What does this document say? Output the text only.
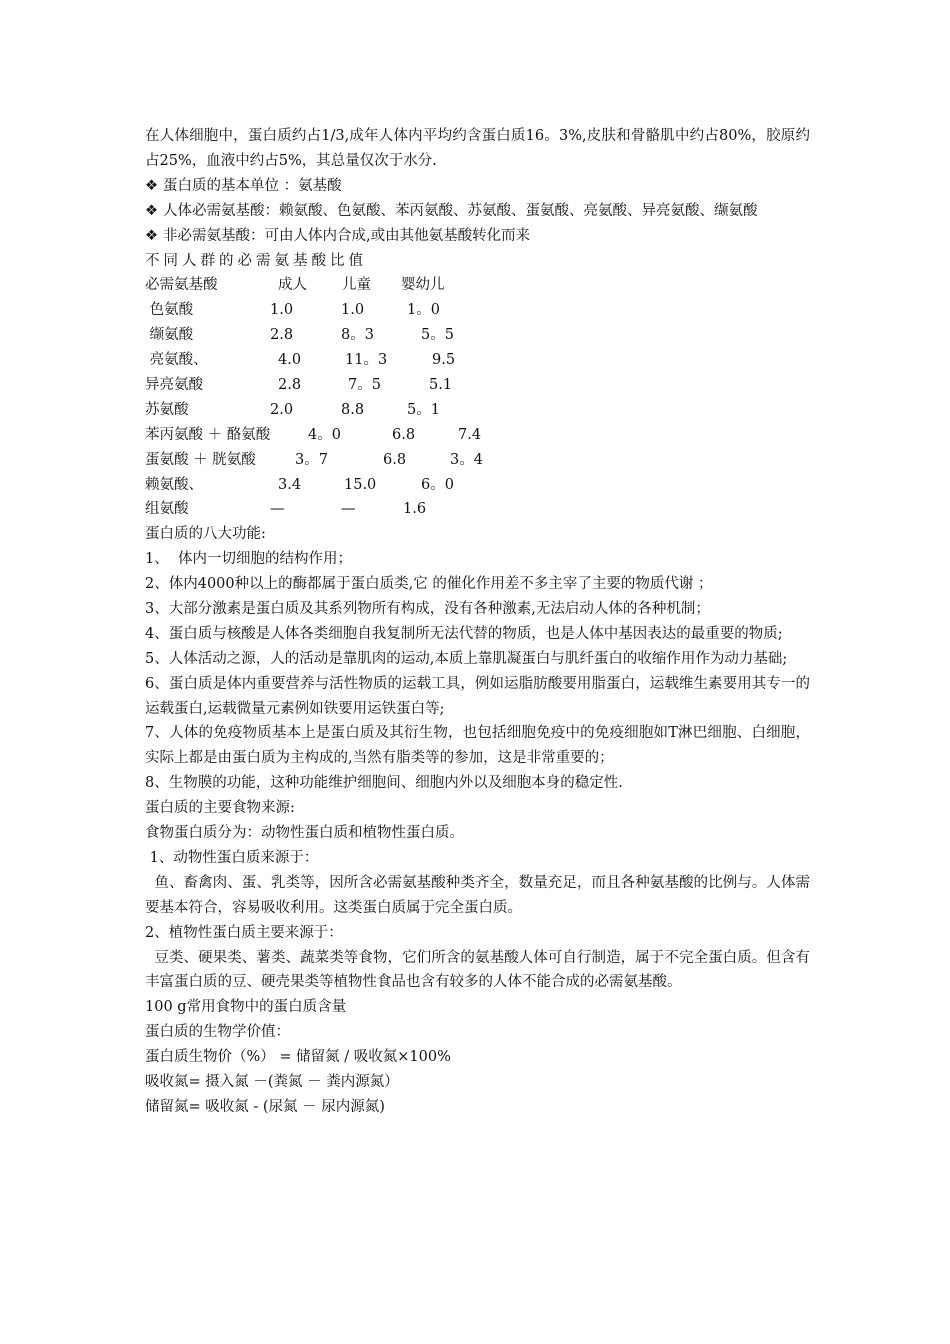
在人体细胞中，蛋白质约占1/3,成年人体内平均约含蛋白质16。3%,皮肤和骨骼肌中约占80%，胶原约占25%，血液中约占5%，其总量仅次于水分.
❖ 蛋白质的基本单位 ：氨基酸
❖ 人体必需氨基酸：赖氨酸、色氨酸、苯丙氨酸、苏氨酸、蛋氨酸、亮氨酸、异亮氨酸、缬氨酸
❖ 非必需氨基酸：可由人体内合成,或由其他氨基酸转化而来
不同人群的必需氨基酸比值
必需氨基酸	成人 儿童 婴幼儿
色氨酸	1.0	1.0	1。0
缬氨酸	2.8	8。3	5。5
亮氨酸、	4.0	11。3	9.5
异亮氨酸	2.8	7。5	5.1
苏氨酸	2.0	8.8	5。1
苯丙氨酸 ＋ 酪氨酸	4。0	6.8	7.4
蛋氨酸 ＋ 胱氨酸	3。7	6.8	3。4
赖氨酸、	3.4	15.0	6。0
组氨酸	—	—	1.6
蛋白质的八大功能:
1、  体内一切细胞的结构作用；
2、体内4000种以上的酶都属于蛋白质类,它 的催化作用差不多主宰了主要的物质代谢 ；
3、大部分激素是蛋白质及其系列物所有构成，没有各种激素,无法启动人体的各种机制；
4、蛋白质与核酸是人体各类细胞自我复制所无法代替的物质，也是人体中基因表达的最重要的物质;
5、人体活动之源，人的活动是靠肌肉的运动,本质上靠肌凝蛋白与肌纤蛋白的收缩作用作为动力基础;
6、蛋白质是体内重要营养与活性物质的运载工具，例如运脂肪酸要用脂蛋白，运载维生素要用其专一的运载蛋白,运载微量元素例如铁要用运铁蛋白等;
7、人体的免疫物质基本上是蛋白质及其衍生物，也包括细胞免疫中的免疫细胞如T淋巴细胞、白细胞，实际上都是由蛋白质为主构成的,当然有脂类等的参加，这是非常重要的；
8、生物膜的功能，这种功能维护细胞间、细胞内外以及细胞本身的稳定性.
蛋白质的主要食物来源:
食物蛋白质分为：动物性蛋白质和植物性蛋白质。
1、动物性蛋白质来源于：
鱼、畜禽肉、蛋、乳类等，因所含必需氨基酸种类齐全，数量充足，而且各种氨基酸的比例与。人体需要基本符合，容易吸收利用。这类蛋白质属于完全蛋白质。
2、植物性蛋白质主要来源于：
豆类、硬果类、薯类、蔬菜类等食物，它们所含的氨基酸人体可自行制造，属于不完全蛋白质。但含有丰富蛋白质的豆、硬壳果类等植物性食品也含有较多的人体不能合成的必需氨基酸。
100 g常用食物中的蛋白质含量
蛋白质的生物学价值：
蛋白质生物价（%） = 储留氮 / 吸收氮×100%
吸收氮= 摄入氮 －(粪氮 － 粪内源氮）
储留氮= 吸收氮 - (尿氮 － 尿内源氮)
